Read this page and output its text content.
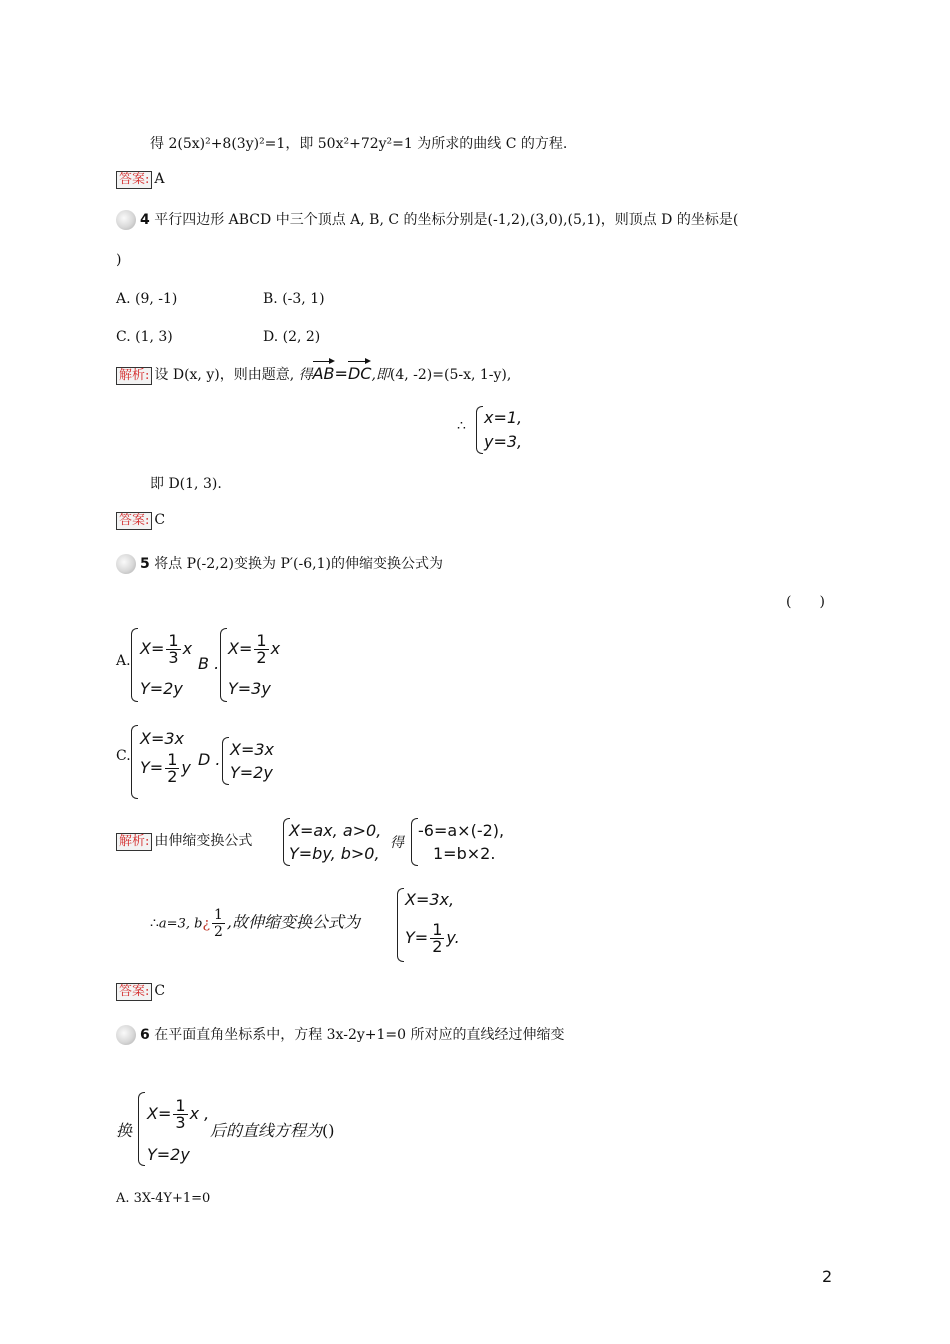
得 2(5x)²+8(3y)²=1，即 50x²+72y²=1 为所求的曲线 C 的方程.
答案: A
4 平行四边形 ABCD 中三个顶点 A, B, C 的坐标分别是(-1,2),(3,0),(5,1)，则顶点 D 的坐标是(
)
A. (9, -1)	B. (-3, 1)
C. (1, 3)	D. (2, 2)
解析: 设 D(x, y)，则由题意, 得AB=DC,即(4, -2)=(5-x, 1-y),
∴ x=1,
y=3,
即 D(1, 3).
答案: C
5 将点 P(-2,2)变换为 P′(-6,1)的伸缩变换公式为
(　　)
A.
$X= \frac{1}{3}$ x
Y=2y
B .
$X= \frac{1}{2}$ x
Y=3y
C.
X=3x
$Y= \frac{1}{2}$ y D .
X=3x
Y=2y
解析: 由伸缩变换公式
X=ax, a>0,
Y=by, b>0,
得
-6=a×(-2),
1=b×2.
∴a=3, b¿ $\frac{1}{2}$ ,故伸缩变换公式为
X=3x,
$Y= \frac{1}{2} y$.
答案: C
6 在平面直角坐标系中，方程 3x-2y+1=0 所对应的直线经过伸缩变
换
$X= \frac{1}{3}$ x ,
Y=2y
后的直线方程为()
A. 3X-4Y+1=0
2
